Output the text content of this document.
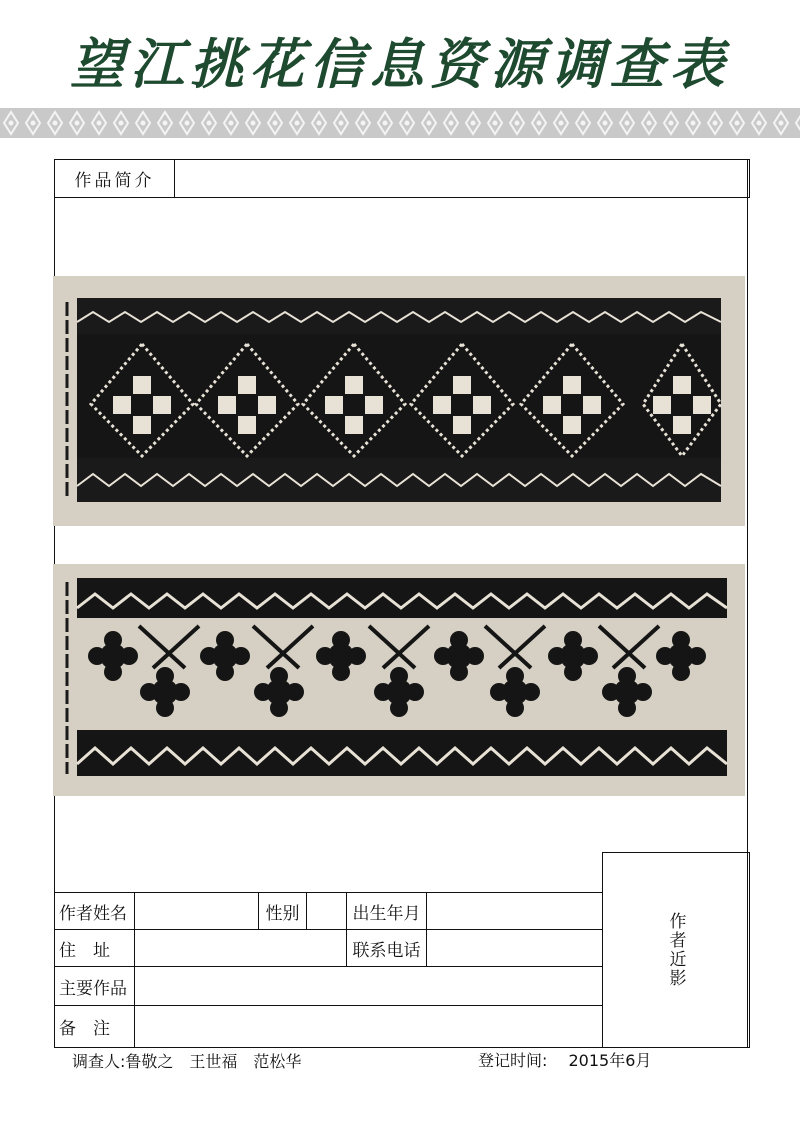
望江挑花信息资源调查表
作品简介
作者姓名	性别	出生年月
住　址	联系电话
主要作品
备　注
作者近影
调查人:鲁敬之　王世福　范松华	登记时间: 2015年6月
